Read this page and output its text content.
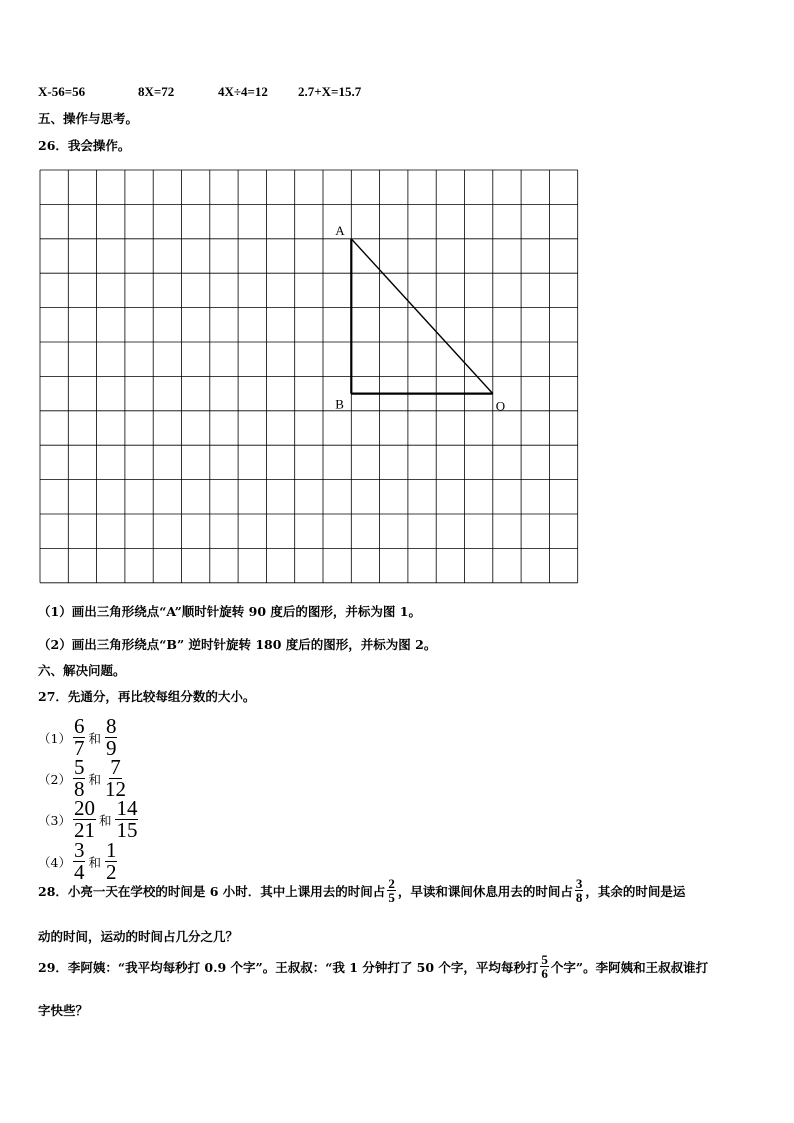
X-56=56	8X=72	4X÷4=12 2.7+X=15.7
五、操作与思考。
26．我会操作。
A
B	O
（1）画出三角形绕点“A”顺时针旋转 90 度后的图形，并标为图 1。
（2）画出三角形绕点“B” 逆时针旋转 180 度后的图形，并标为图 2。
六、解决问题。
27．先通分，再比较每组分数的大小。
$(1) \frac{6}{7}$ 和 $\frac{8}{9}$
$(2) \frac{5}{8}$ 和 $\frac{7}{12}$
$(3) \frac{20}{21}$ 和 $\frac{14}{15}$
$(4) \frac{3}{4}$ 和 $\frac{1}{2}$
28．小亮一天在学校的时间是 6 小时．其中上课用去的时间占 $\frac{2}{5}$ ，早读和课间休息用去的时间占 $\frac{3}{8}$ ，其余的时间是运
动的时间，运动的时间占几分之几？
29．李阿姨：“我平均每秒打 0.9 个字”。王叔叔：“我 1 分钟打了 50 个字，平均每秒打 $\frac{5}{6}$ 个字”。李阿姨和王叔叔谁打
字快些？
